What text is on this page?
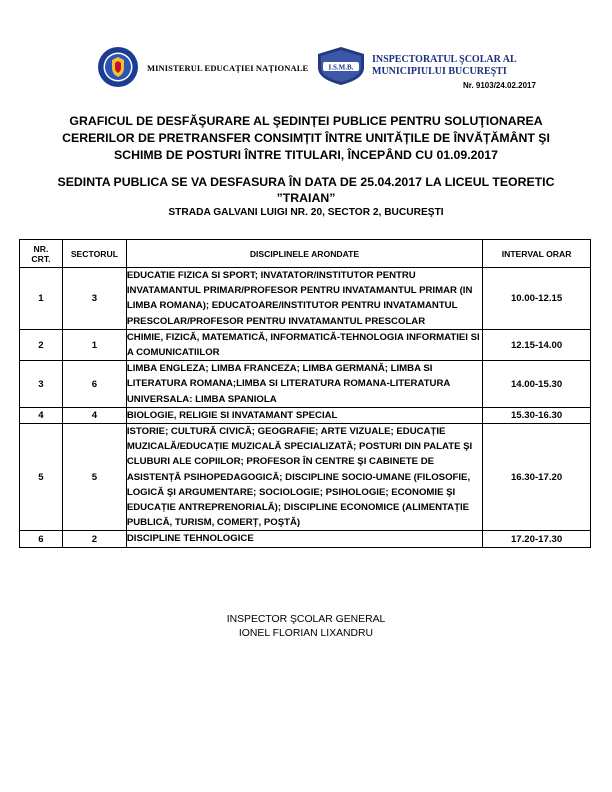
MINISTERUL EDUCAȚIEI NAȚIONALE	I.S.M.B.
INSPECTORATUL ŞCOLAR AL
MUNICIPIULUI BUCUREŞTI
Nr. 9103/24.02.2017
GRAFICUL DE DESFĂŞURARE AL ŞEDINȚEI PUBLICE PENTRU SOLUŢIONAREA
CERERILOR DE PRETRANSFER CONSIMȚIT ÎNTRE UNITĂȚILE DE ÎNVĂȚĂMÂNT ŞI
SCHIMB DE POSTURI ÎNTRE TITULARI, ÎNCEPÂND CU 01.09.2017
SEDINTA PUBLICA SE VA DESFASURA ÎN DATA DE 25.04.2017 LA LICEUL TEORETIC
”TRAIAN”
STRADA GALVANI LUIGI NR. 20, SECTOR 2, BUCUREŞTI
NR.
CRT.	SECTORUL	DISCIPLINELE ARONDATE	INTERVAL ORAR
1	3	EDUCATIE FIZICA SI SPORT; INVATATOR/INSTITUTOR PENTRU INVATAMANTUL PRIMAR/PROFESOR PENTRU INVATAMANTUL PRIMAR (IN LIMBA ROMANA); EDUCATOARE/INSTITUTOR PENTRU INVATAMANTUL PRESCOLAR/PROFESOR PENTRU INVATAMANTUL PRESCOLAR	10.00-12.15
2	1	CHIMIE, FIZICĂ, MATEMATICĂ, INFORMATICĂ-TEHNOLOGIA INFORMATIEI SI A COMUNICATIILOR	12.15-14.00
3	6	LIMBA ENGLEZA; LIMBA FRANCEZA; LIMBA GERMANĂ; LIMBA SI LITERATURA ROMANA;LIMBA SI LITERATURA ROMANA-LITERATURA UNIVERSALA: LIMBA SPANIOLA	14.00-15.30
4	4	BIOLOGIE, RELIGIE SI INVATAMANT SPECIAL	15.30-16.30
5	5	ISTORIE; CULTURĂ CIVICĂ; GEOGRAFIE; ARTE VIZUALE; EDUCAȚIE MUZICALĂ/EDUCAȚIE MUZICALĂ SPECIALIZATĂ; POSTURI DIN PALATE ŞI CLUBURI ALE COPIILOR; PROFESOR ÎN CENTRE ŞI CABINETE DE ASISTENȚĂ PSIHOPEDAGOGICĂ; DISCIPLINE SOCIO-UMANE (FILOSOFIE, LOGICĂ ŞI ARGUMENTARE; SOCIOLOGIE; PSIHOLOGIE; ECONOMIE ŞI EDUCAȚIE ANTREPRENORIALĂ); DISCIPLINE ECONOMICE (ALIMENTAȚIE PUBLICĂ, TURISM, COMERȚ, POŞTĂ)	16.30-17.20
6	2	DISCIPLINE TEHNOLOGICE	17.20-17.30
INSPECTOR ŞCOLAR GENERAL
IONEL FLORIAN LIXANDRU
